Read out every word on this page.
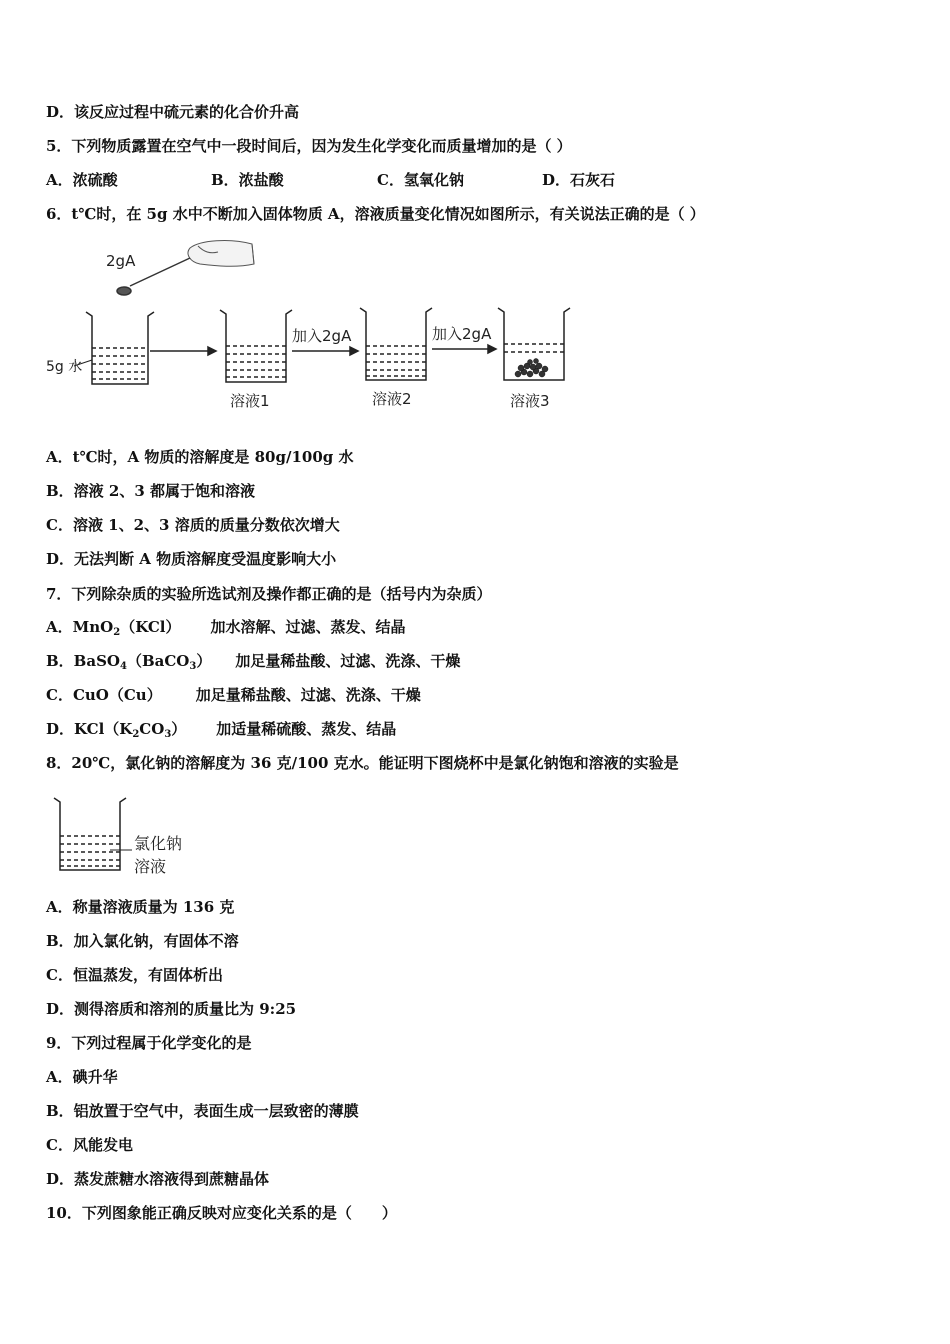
D．该反应过程中硫元素的化合价升高
5．下列物质露置在空气中一段时间后，因为发生化学变化而质量增加的是（ ）
A．浓硫酸	B．浓盐酸	C．氢氧化钠	D．石灰石
6．t℃时，在 5g 水中不断加入固体物质 A，溶液质量变化情况如图所示，有关说法正确的是（ ）
2gA
5g 水
溶液1
加入2gA
溶液2
加入2gA
溶液3
A．t℃时，A 物质的溶解度是 80g/100g 水
B．溶液 2、3 都属于饱和溶液
C．溶液 1、2、3 溶质的质量分数依次增大
D．无法判断 A 物质溶解度受温度影响大小
7．下列除杂质的实验所选试剂及操作都正确的是（括号内为杂质）
A．MnO$_2$（KCl） 加水溶解、过滤、蒸发、结晶
B．BaSO$_4$（BaCO$_3$） 加足量稀盐酸、过滤、洗涤、干燥
C．CuO（Cu） 加足量稀盐酸、过滤、洗涤、干燥
D．$KCl(K_2CO_3)$ 加适量稀硫酸、蒸发、结晶
8．20℃，氯化钠的溶解度为 36 克/100 克水。能证明下图烧杯中是氯化钠饱和溶液的实验是
氯化钠
溶液
A．称量溶液质量为 136 克
B．加入氯化钠，有固体不溶
C．恒温蒸发，有固体析出
D．测得溶质和溶剂的质量比为 9:25
9．下列过程属于化学变化的是
A．碘升华
B．铝放置于空气中，表面生成一层致密的薄膜
C．风能发电
D．蒸发蔗糖水溶液得到蔗糖晶体
10．下列图象能正确反映对应变化关系的是（　　）
